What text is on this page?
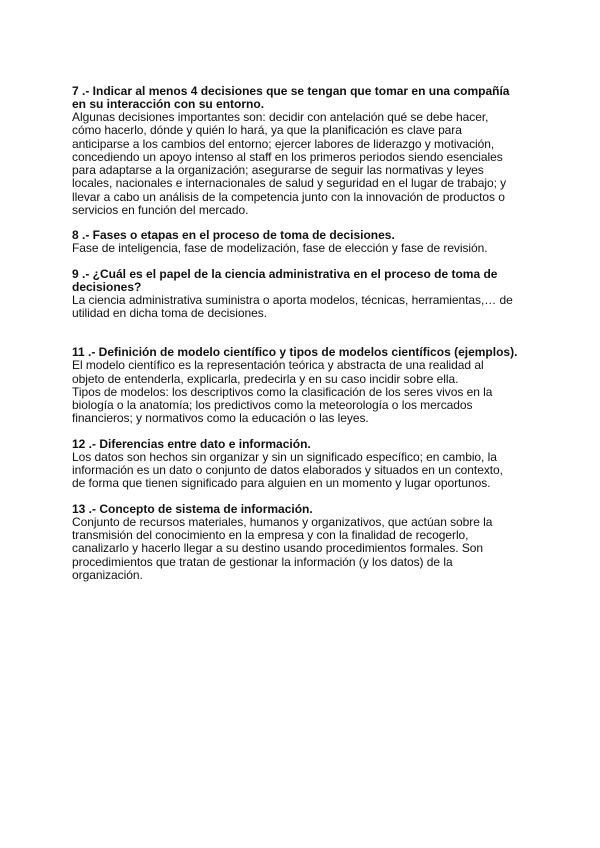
7 .- Indicar al menos 4 decisiones que se tengan que tomar en una compañía
en su interacción con su entorno.

Algunas decisiones importantes son: decidir con antelación qué se debe hacer,
cómo hacerlo, dónde y quién lo hará, ya que la planificación es clave para
anticiparse a los cambios del entorno; ejercer labores de liderazgo y motivación,
concediendo un apoyo intenso al staff en los primeros periodos siendo esenciales
para adaptarse a la organización; asegurarse de seguir las normativas y leyes
locales, nacionales e internacionales de salud y seguridad en el lugar de trabajo; y
llevar a cabo un análisis de la competencia junto con la innovación de productos o
servicios en función del mercado.

8 .- Fases o etapas en el proceso de toma de decisiones.

Fase de inteligencia, fase de modelización, fase de elección y fase de revisión.

9 .- ¿Cuál es el papel de la ciencia administrativa en el proceso de toma de
decisiones?

La ciencia administrativa suministra o aporta modelos, técnicas, herramientas,… de
utilidad en dicha toma de decisiones.

11 .- Definición de modelo científico y tipos de modelos científicos (ejemplos).

El modelo científico es la representación teórica y abstracta de una realidad al
objeto de entenderla, explicarla, predecirla y en su caso incidir sobre ella.
Tipos de modelos: los descriptivos como la clasificación de los seres vivos en la
biología o la anatomía; los predictivos como la meteorología o los mercados
financieros; y normativos como la educación o las leyes.

12 .- Diferencias entre dato e información.

Los datos son hechos sin organizar y sin un significado específico; en cambio, la
información es un dato o conjunto de datos elaborados y situados en un contexto,
de forma que tienen significado para alguien en un momento y lugar oportunos.

13 .- Concepto de sistema de información.

Conjunto de recursos materiales, humanos y organizativos, que actúan sobre la
transmisión del conocimiento en la empresa y con la finalidad de recogerlo,
canalizarlo y hacerlo llegar a su destino usando procedimientos formales. Son
procedimientos que tratan de gestionar la información (y los datos) de la
organización.
